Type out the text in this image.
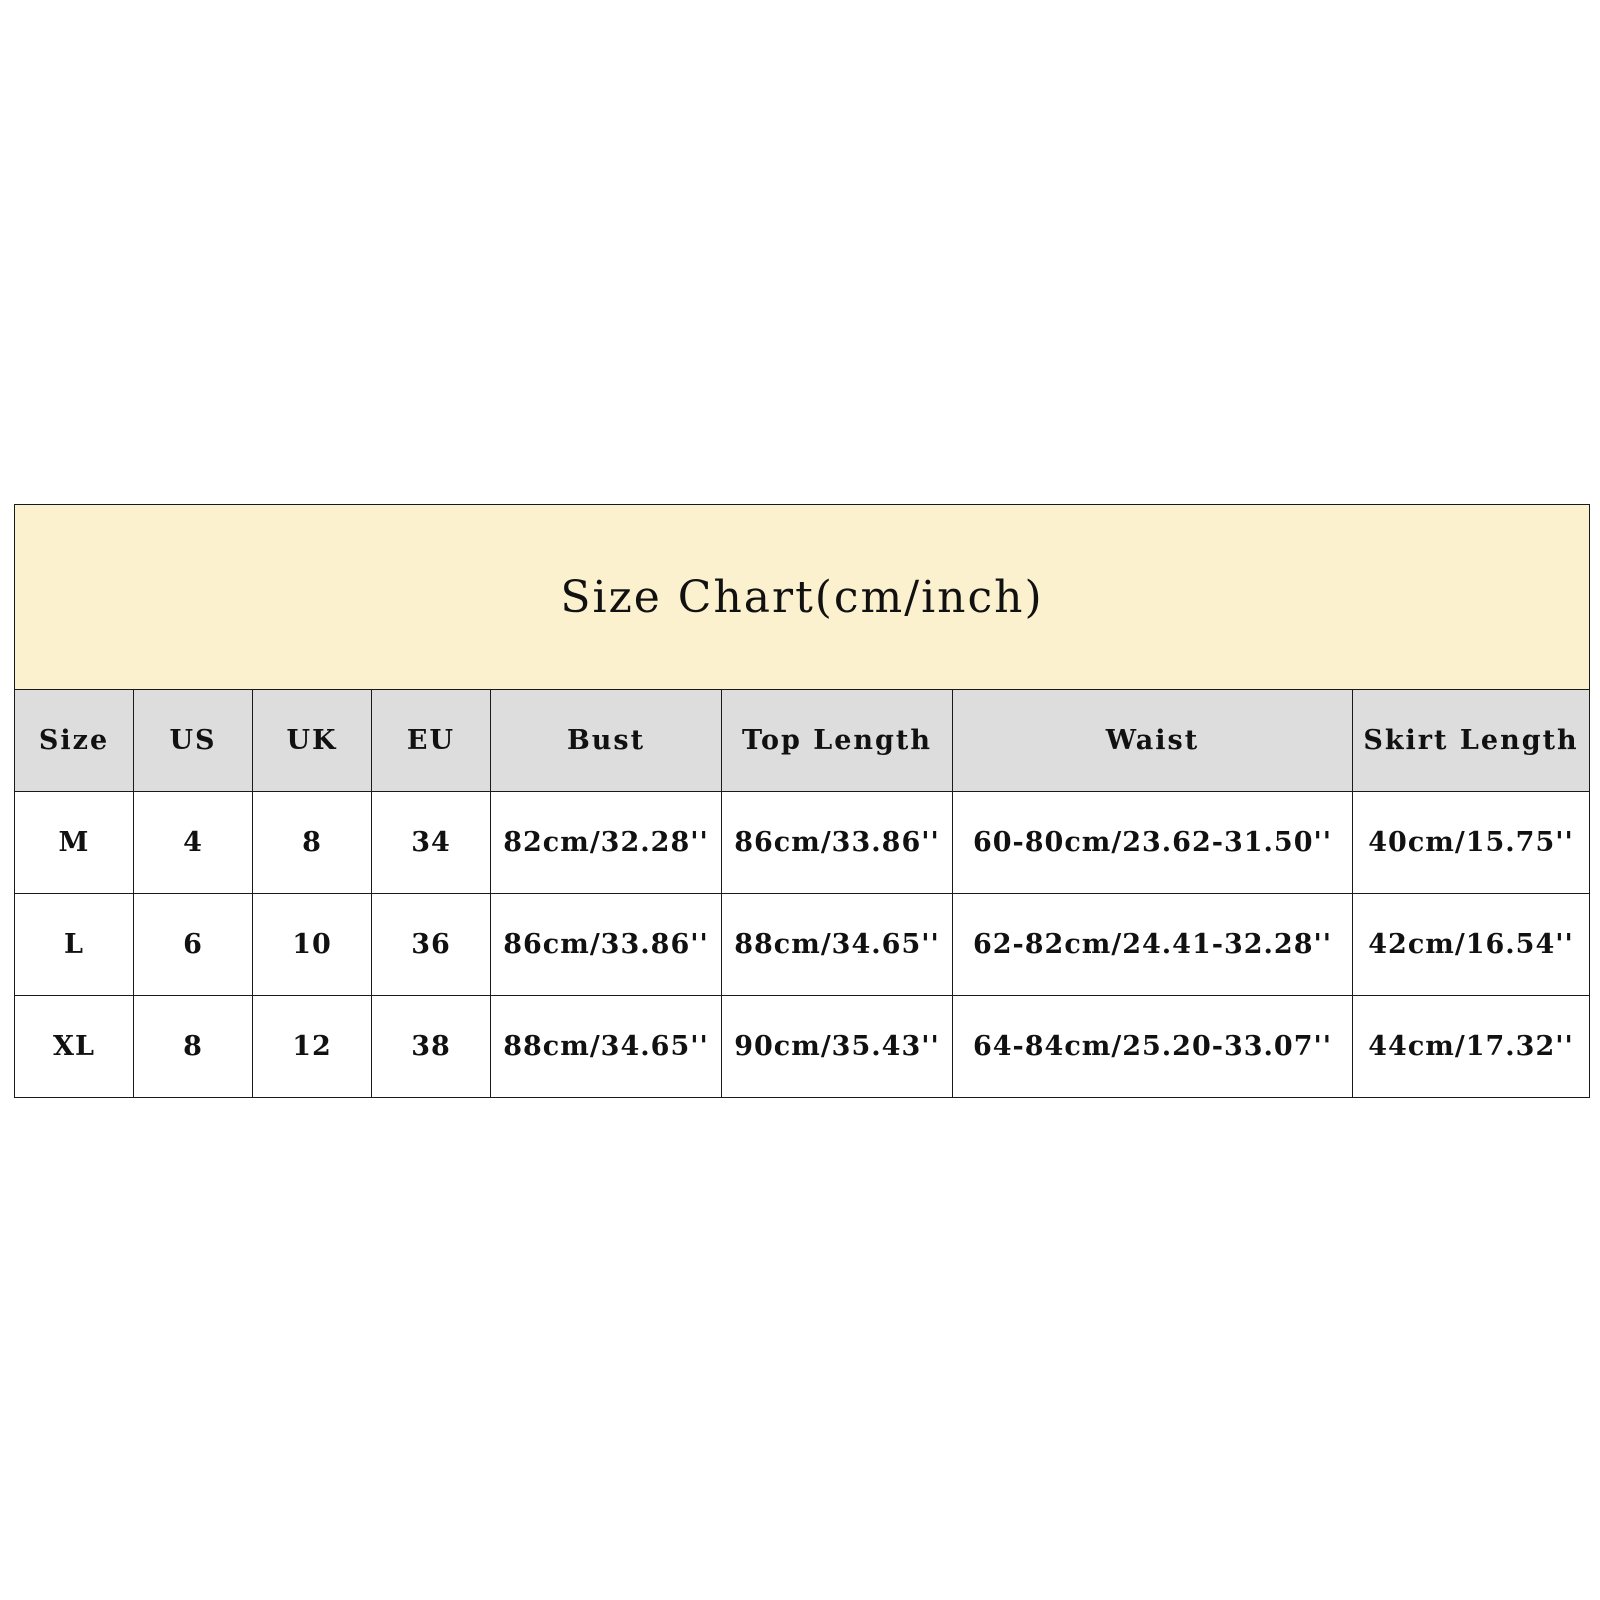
Size Chart(cm/inch)							
Size	US	UK	EU	Bust	Top Length	Waist	Skirt Length
M	4	8	34	82cm/32.28''	86cm/33.86''	60-80cm/23.62-31.50''	40cm/15.75''
L	6	10	36	86cm/33.86''	88cm/34.65''	62-82cm/24.41-32.28''	42cm/16.54''
XL	8	12	38	88cm/34.65''	90cm/35.43''	64-84cm/25.20-33.07''	44cm/17.32''
